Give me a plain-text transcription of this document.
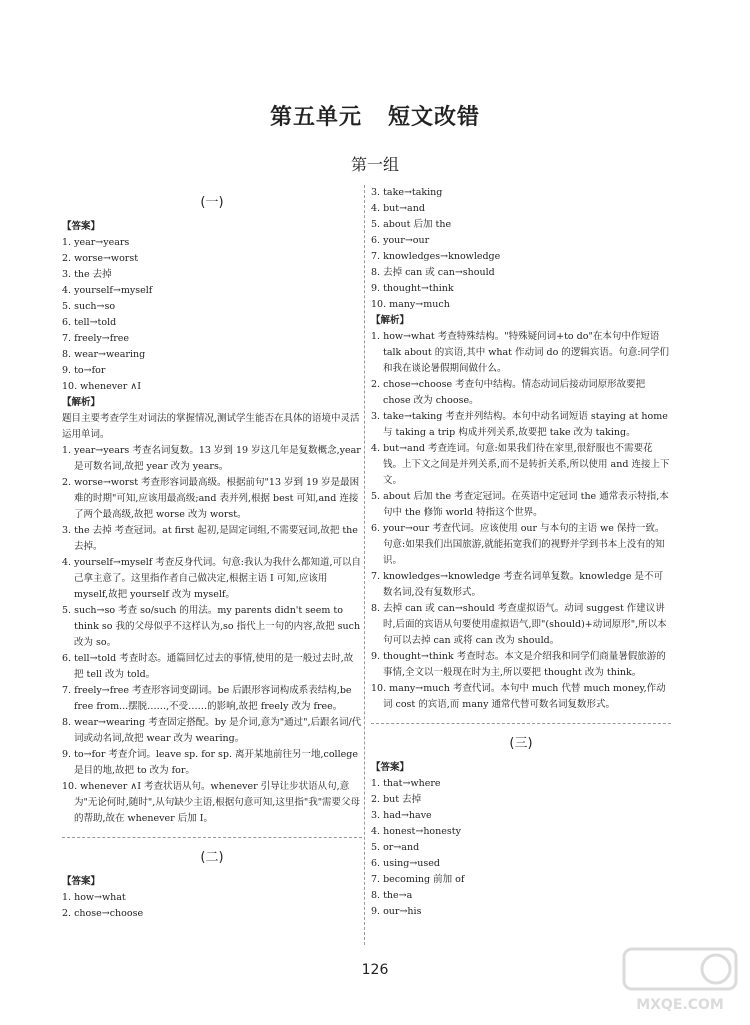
第五单元 短文改错
第一组
(一)
【答案】
1. year→years
2. worse→worst
3. the 去掉
4. yourself→myself
5. such→so
6. tell→told
7. freely→free
8. wear→wearing
9. to→for
10. whenever ∧I
【解析】
题目主要考查学生对词法的掌握情况,测试学生能否在具体的语境中灵活运用单词。
1. year→years 考查名词复数。13 岁到 19 岁这几年是复数概念,year 是可数名词,故把 year 改为 years。
2. worse→worst 考查形容词最高级。根据前句"13 岁到 19 岁是最困难的时期"可知,应该用最高级;and 表并列,根据 best 可知,and 连接了两个最高级,故把 worse 改为 worst。
3. the 去掉 考查冠词。at first 起初,是固定词组,不需要冠词,故把 the 去掉。
4. yourself→myself 考查反身代词。句意:我认为我什么都知道,可以自己拿主意了。这里指作者自己做决定,根据主语 I 可知,应该用 myself,故把 yourself 改为 myself。
5. such→so 考查 so/such 的用法。my parents didn't seem to think so 我的父母似乎不这样认为,so 指代上一句的内容,故把 such 改为 so。
6. tell→told 考查时态。通篇回忆过去的事情,使用的是一般过去时,故把 tell 改为 told。
7. freely→free 考查形容词变副词。be 后跟形容词构成系表结构,be free from...摆脱……,不受……的影响,故把 freely 改为 free。
8. wear→wearing 考查固定搭配。by 是介词,意为"通过",后跟名词/代词或动名词,故把 wear 改为 wearing。
9. to→for 考查介词。leave sp. for sp. 离开某地前往另一地,college 是目的地,故把 to 改为 for。
10. whenever ∧I 考查状语从句。whenever 引导让步状语从句,意为"无论何时,随时",从句缺少主语,根据句意可知,这里指"我"需要父母的帮助,故在 whenever 后加 I。
(二)
【答案】
1. how→what
2. chose→choose
3. take→taking
4. but→and
5. about 后加 the
6. your→our
7. knowledges→knowledge
8. 去掉 can 或 can→should
9. thought→think
10. many→much
【解析】
1. how→what 考查特殊结构。"特殊疑问词+to do"在本句中作短语 talk about 的宾语,其中 what 作动词 do 的逻辑宾语。句意:同学们和我在谈论暑假期间做什么。
2. chose→choose 考查句中结构。情态动词后接动词原形故要把 chose 改为 choose。
3. take→taking 考查并列结构。本句中动名词短语 staying at home 与 taking a trip 构成并列关系,故要把 take 改为 taking。
4. but→and 考查连词。句意:如果我们待在家里,很舒服也不需要花钱。上下文之间是并列关系,而不是转折关系,所以使用 and 连接上下文。
5. about 后加 the 考查定冠词。在英语中定冠词 the 通常表示特指,本句中 the 修饰 world 特指这个世界。
6. your→our 考查代词。应该使用 our 与本句的主语 we 保持一致。句意:如果我们出国旅游,就能拓宽我们的视野并学到书本上没有的知识。
7. knowledges→knowledge 考查名词单复数。knowledge 是不可数名词,没有复数形式。
8. 去掉 can 或 can→should 考查虚拟语气。动词 suggest 作建议讲时,后面的宾语从句要使用虚拟语气,即"(should)+动词原形",所以本句可以去掉 can 或将 can 改为 should。
9. thought→think 考查时态。本文是介绍我和同学们商量暑假旅游的事情,全文以一般现在时为主,所以要把 thought 改为 think。
10. many→much 考查代词。本句中 much 代替 much money,作动词 cost 的宾语,而 many 通常代替可数名词复数形式。
(三)
【答案】
1. that→where
2. but 去掉
3. had→have
4. honest→honesty
5. or→and
6. using→used
7. becoming 前加 of
8. the→a
9. our→his
126
MXQE.COM
